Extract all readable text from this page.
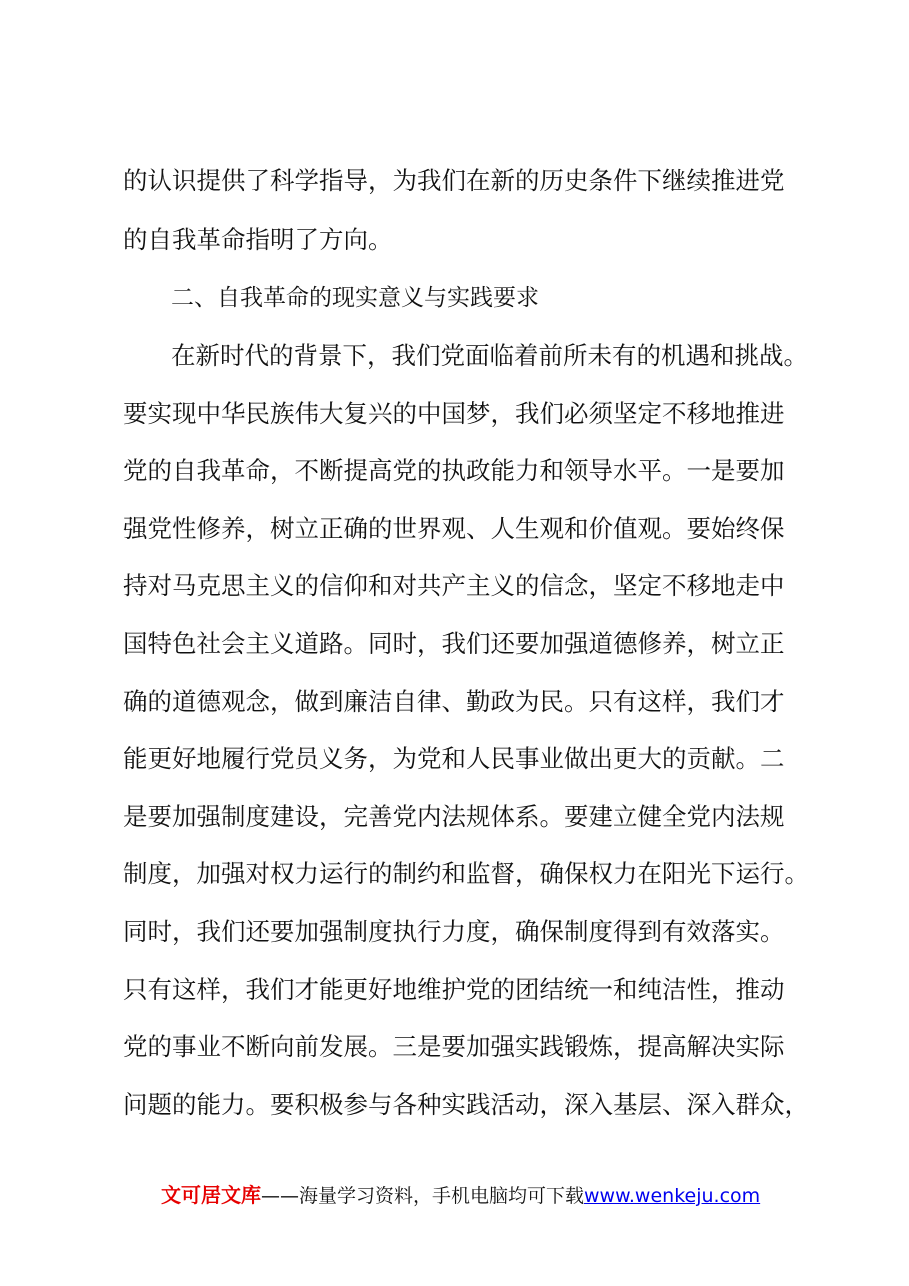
的认识提供了科学指导，为我们在新的历史条件下继续推进党
的自我革命指明了方向。
二、自我革命的现实意义与实践要求
在新时代的背景下，我们党面临着前所未有的机遇和挑战。
要实现中华民族伟大复兴的中国梦，我们必须坚定不移地推进
党的自我革命，不断提高党的执政能力和领导水平。一是要加
强党性修养，树立正确的世界观、人生观和价值观。要始终保
持对马克思主义的信仰和对共产主义的信念，坚定不移地走中
国特色社会主义道路。同时，我们还要加强道德修养，树立正
确的道德观念，做到廉洁自律、勤政为民。只有这样，我们才
能更好地履行党员义务，为党和人民事业做出更大的贡献。二
是要加强制度建设，完善党内法规体系。要建立健全党内法规
制度，加强对权力运行的制约和监督，确保权力在阳光下运行。
同时，我们还要加强制度执行力度，确保制度得到有效落实。
只有这样，我们才能更好地维护党的团结统一和纯洁性，推动
党的事业不断向前发展。三是要加强实践锻炼，提高解决实际
问题的能力。要积极参与各种实践活动，深入基层、深入群众，
文可居文库——海量学习资料，手机电脑均可下载www.wenkeju.com
